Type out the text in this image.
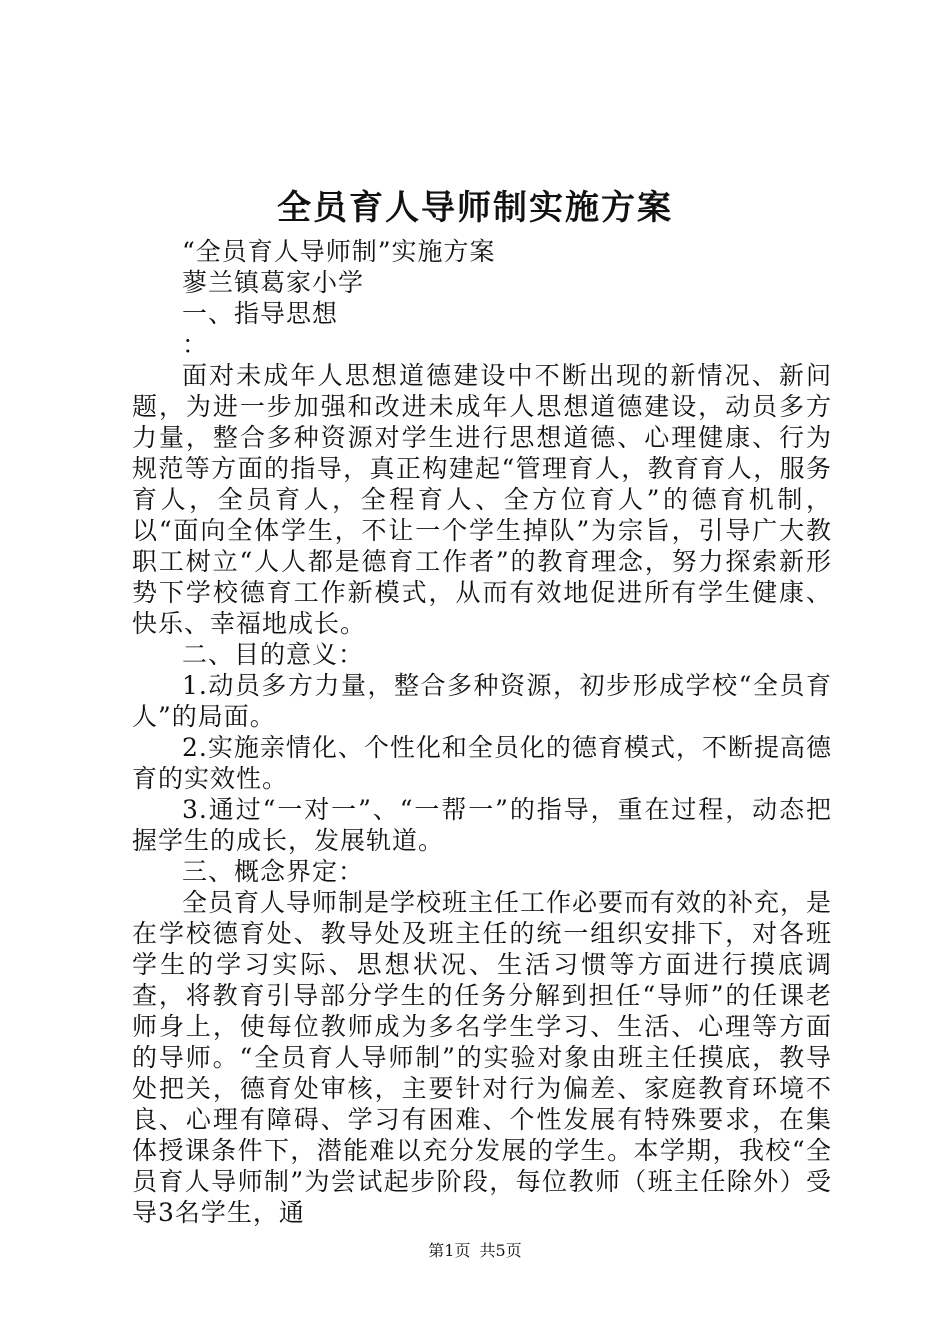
全员育人导师制实施方案

“全员育人导师制”实施方案

蓼兰镇葛家小学

一、指导思想

：

面对未成年人思想道德建设中不断出现的新情况、新问题，为进一步加强和改进未成年人思想道德建设，动员多方力量，整合多种资源对学生进行思想道德、心理健康、行为规范等方面的指导，真正构建起“管理育人，教育育人，服务育人，全员育人，全程育人、全方位育人”的德育机制，以“面向全体学生，不让一个学生掉队”为宗旨，引导广大教职工树立“人人都是德育工作者”的教育理念，努力探索新形势下学校德育工作新模式，从而有效地促进所有学生健康、快乐、幸福地成长。

二、目的意义：

1.动员多方力量，整合多种资源，初步形成学校“全员育人”的局面。

2.实施亲情化、个性化和全员化的德育模式，不断提高德育的实效性。

3.通过“一对一”、“一帮一”的指导，重在过程，动态把握学生的成长，发展轨道。

三、概念界定：

全员育人导师制是学校班主任工作必要而有效的补充，是在学校德育处、教导处及班主任的统一组织安排下，对各班学生的学习实际、思想状况、生活习惯等方面进行摸底调查，将教育引导部分学生的任务分解到担任“导师”的任课老师身上，使每位教师成为多名学生学习、生活、心理等方面的导师。“全员育人导师制”的实验对象由班主任摸底，教导处把关，德育处审核，主要针对行为偏差、家庭教育环境不良、心理有障碍、学习有困难、个性发展有特殊要求，在集体授课条件下，潜能难以充分发展的学生。本学期，我校“全员育人导师制”为尝试起步阶段，每位教师（班主任除外）受导3名学生，通

第1页 共5页
